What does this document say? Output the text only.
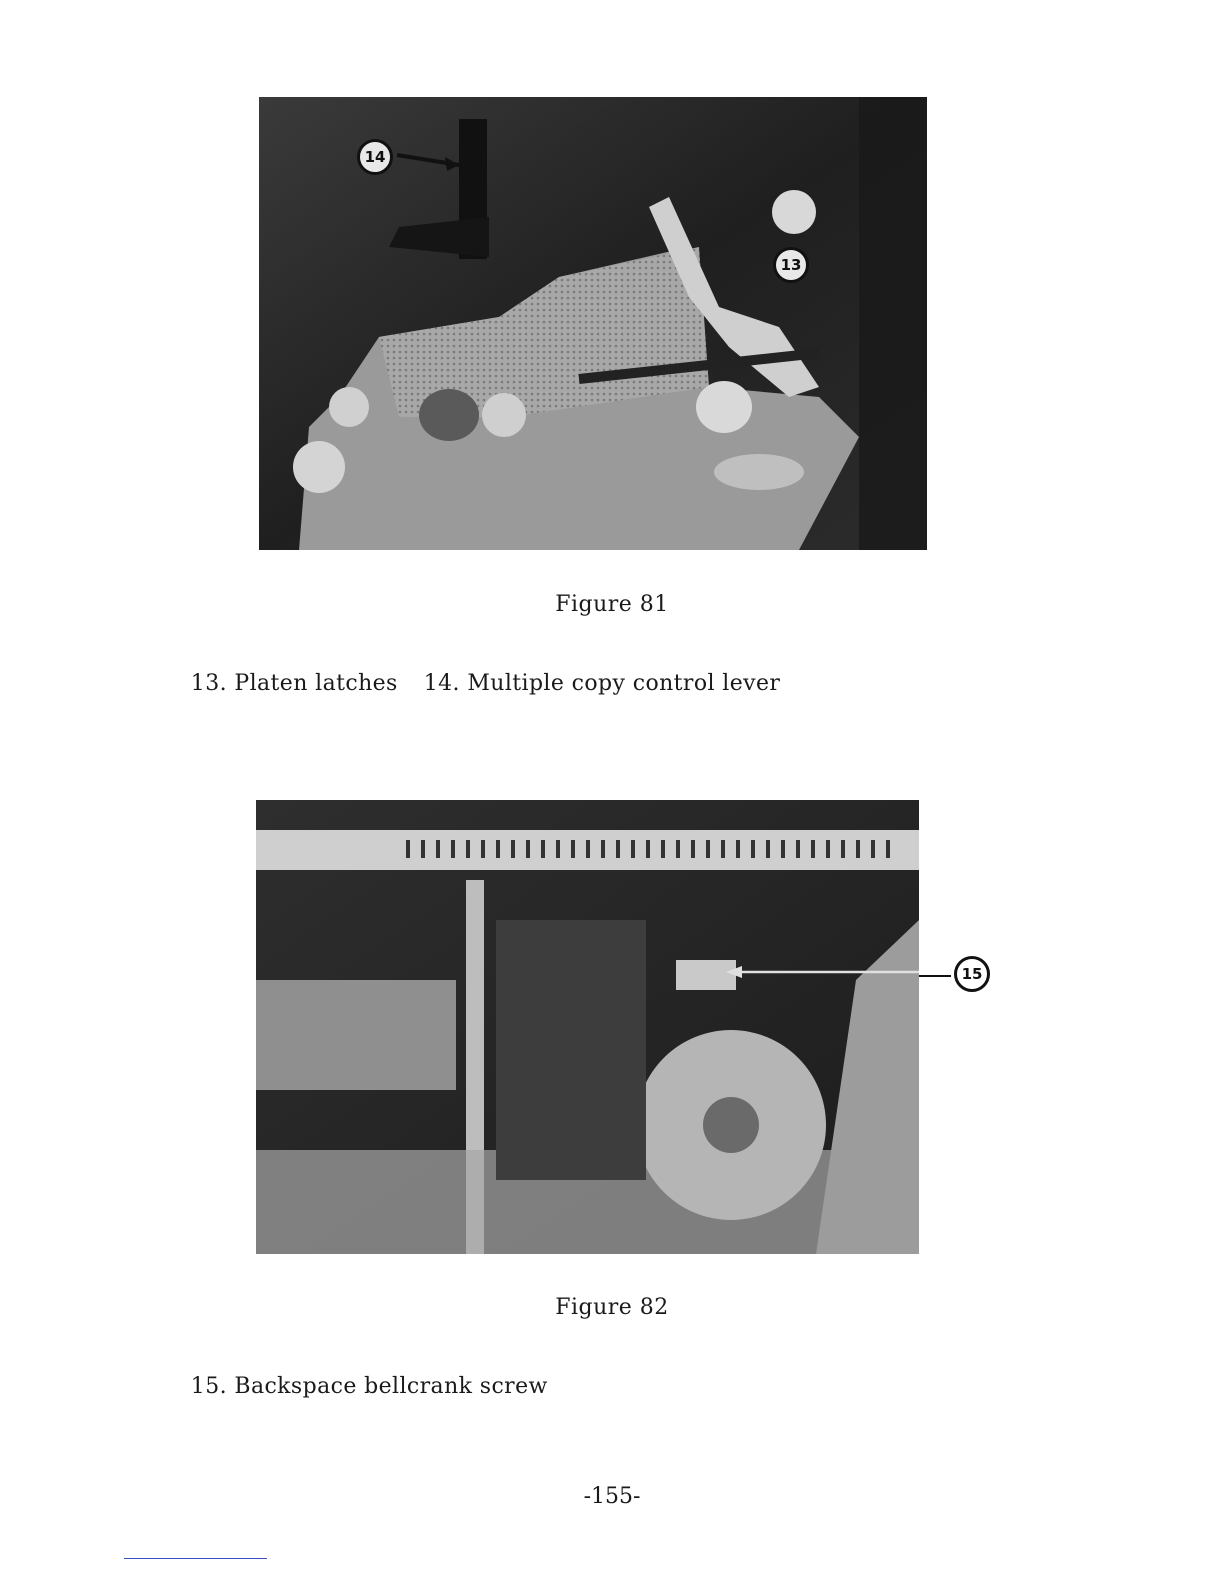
14
13
Figure 81

13. Platen latches 14. Multiple copy control lever

15
Figure 82

15. Backspace bellcrank screw

-155-
